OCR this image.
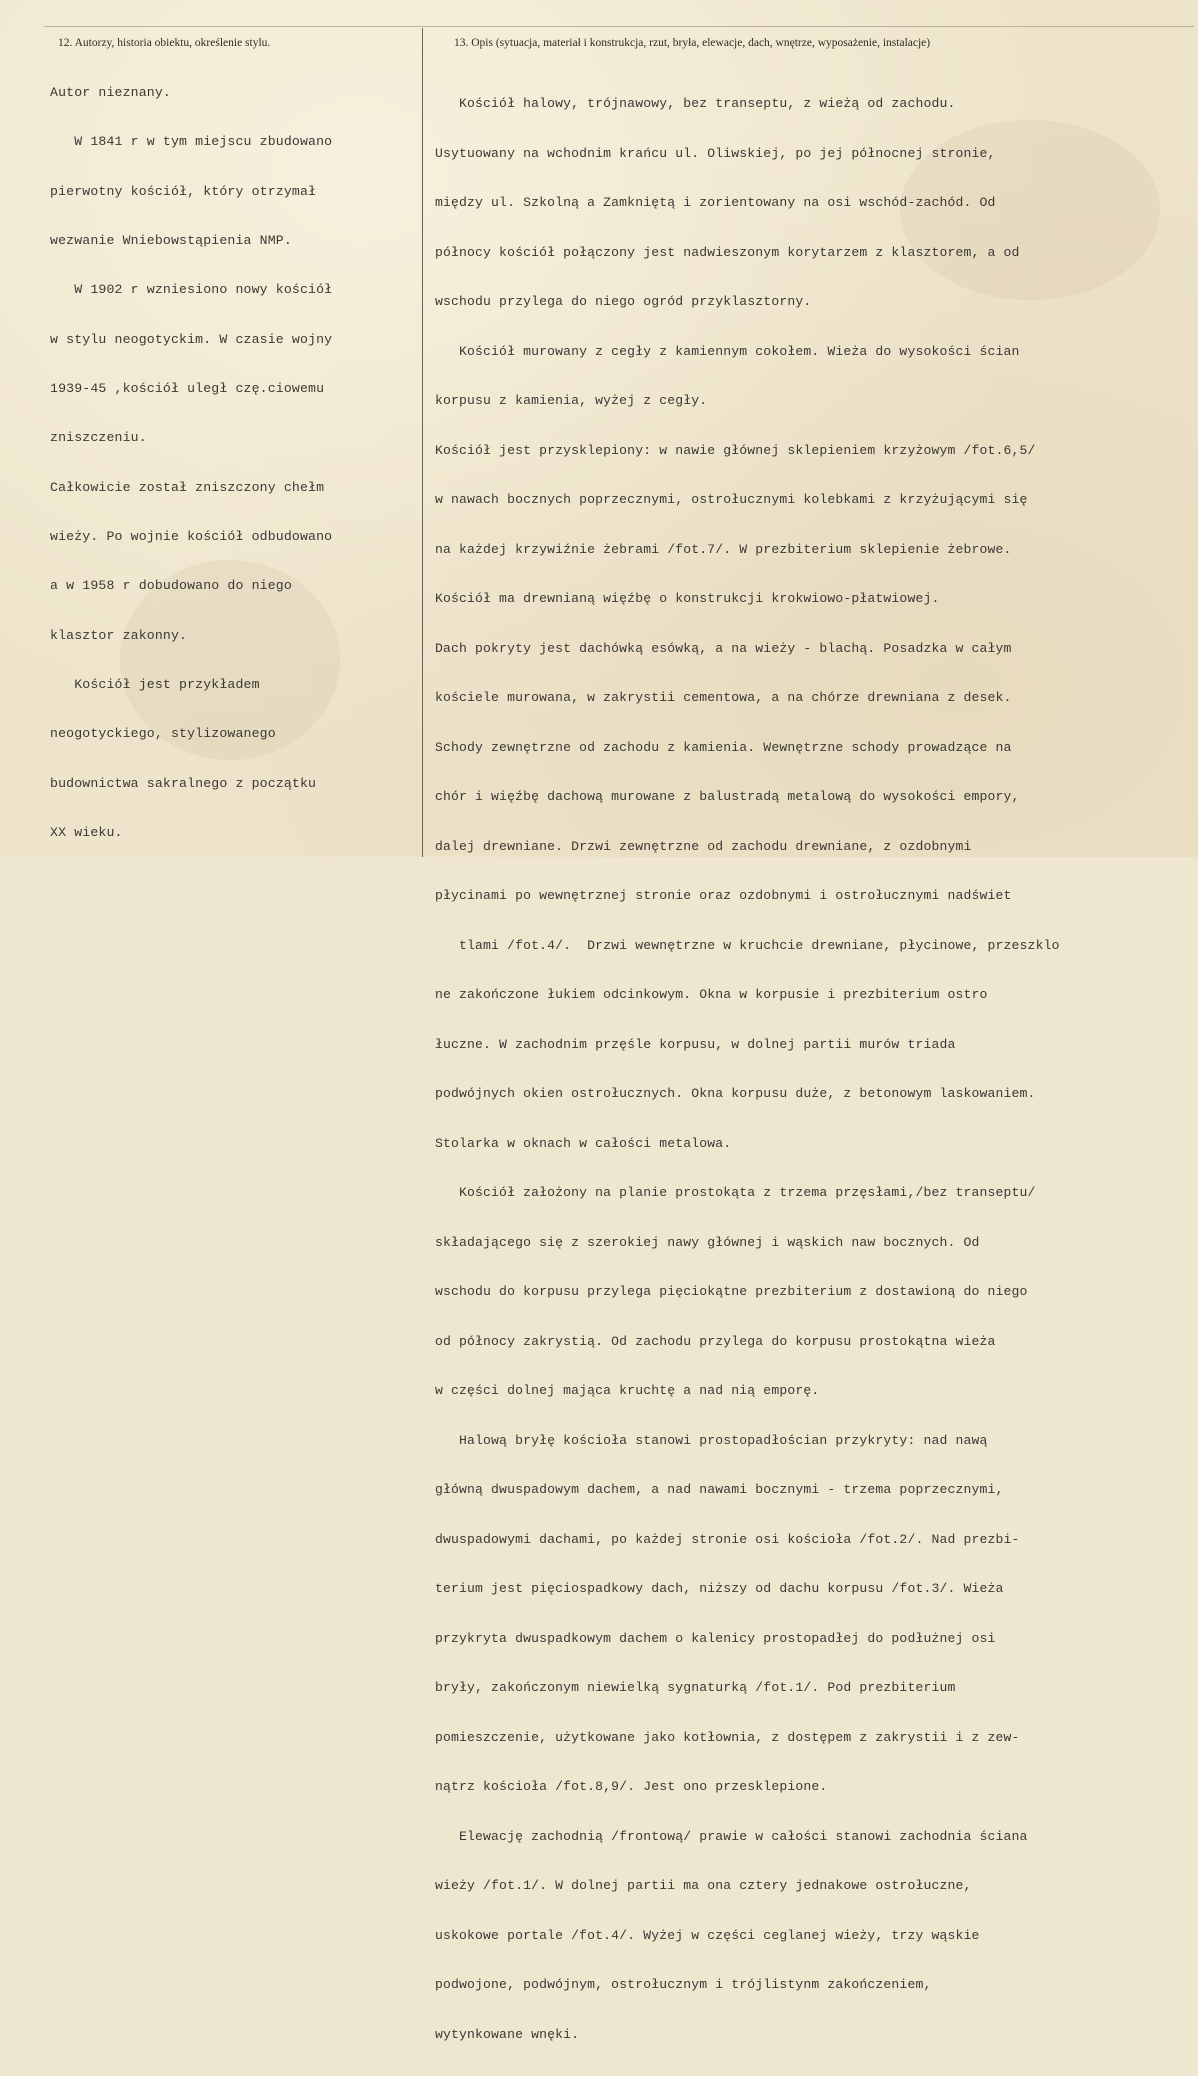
12. Autorzy, historia obiektu, określenie stylu.	13. Opis (sytuacja, materiał i konstrukcja, rzut, bryła, elewacje, dach, wnętrze, wyposażenie, instalacje)

Autor nieznany.

W 1841 r w tym miejscu zbudowano

pierwotny kościół, który otrzymał

wezwanie Wniebowstąpienia NMP.

W 1902 r wzniesiono nowy kościół

w stylu neogotyckim. W czasie wojny

1939-45 ,kościół uległ czę.ciowemu

zniszczeniu.

Całkowicie został zniszczony chełm

wieży. Po wojnie kościół odbudowano

a w 1958 r dobudowano do niego

klasztor zakonny.

Kościół jest przykładem

neogotyckiego, stylizowanego

budownictwa sakralnego z początku

XX wieku.

Kościół halowy, trójnawowy, bez transeptu, z wieżą od zachodu.

Usytuowany na wchodnim krańcu ul. Oliwskiej, po jej północnej stronie,

między ul. Szkolną a Zamkniętą i zorientowany na osi wschód-zachód. Od

północy kościół połączony jest nadwieszonym korytarzem z klasztorem, a od

wschodu przylega do niego ogród przyklasztorny.

Kościół murowany z cegły z kamiennym cokołem. Wieża do wysokości ścian

korpusu z kamienia, wyżej z cegły.

Kościół jest przysklepiony: w nawie głównej sklepieniem krzyżowym /fot.6,5/

w nawach bocznych poprzecznymi, ostrołucznymi kolebkami z krzyżującymi się

na każdej krzywiźnie żebrami /fot.7/. W prezbiterium sklepienie żebrowe.

Kościół ma drewnianą więźbę o konstrukcji krokwiowo-płatwiowej.

Dach pokryty jest dachówką esówką, a na wieży - blachą. Posadzka w całym

kościele murowana, w zakrystii cementowa, a na chórze drewniana z desek.

Schody zewnętrzne od zachodu z kamienia. Wewnętrzne schody prowadzące na

chór i więźbę dachową murowane z balustradą metalową do wysokości empory,

dalej drewniane. Drzwi zewnętrzne od zachodu drewniane, z ozdobnymi

płycinami po wewnętrznej stronie oraz ozdobnymi i ostrołucznymi nadświet

tlami /fot.4/.  Drzwi wewnętrzne w kruchcie drewniane, płycinowe, przeszklo

ne zakończone łukiem odcinkowym. Okna w korpusie i prezbiterium ostro

łuczne. W zachodnim przęśle korpusu, w dolnej partii murów triada

podwójnych okien ostrołucznych. Okna korpusu duże, z betonowym laskowaniem.

Stolarka w oknach w całości metalowa.

Kościół założony na planie prostokąta z trzema przęsłami,/bez transeptu/

składającego się z szerokiej nawy głównej i wąskich naw bocznych. Od

wschodu do korpusu przylega pięciokątne prezbiterium z dostawioną do niego

od północy zakrystią. Od zachodu przylega do korpusu prostokątna wieża

w części dolnej mająca kruchtę a nad nią emporę.

Halową bryłę kościoła stanowi prostopadłościan przykryty: nad nawą

główną dwuspadowym dachem, a nad nawami bocznymi - trzema poprzecznymi,

dwuspadowymi dachami, po każdej stronie osi kościoła /fot.2/. Nad prezbi-

terium jest pięciospadkowy dach, niższy od dachu korpusu /fot.3/. Wieża

przykryta dwuspadkowym dachem o kalenicy prostopadłej do podłużnej osi

bryły, zakończonym niewielką sygnaturką /fot.1/. Pod prezbiterium

pomieszczenie, użytkowane jako kotłownia, z dostępem z zakrystii i z zew-

nątrz kościoła /fot.8,9/. Jest ono przesklepione.

Elewację zachodnią /frontową/ prawie w całości stanowi zachodnia ściana

wieży /fot.1/. W dolnej partii ma ona cztery jednakowe ostrołuczne,

uskokowe portale /fot.4/. Wyżej w części ceglanej wieży, trzy wąskie

podwojone, podwójnym, ostrołucznym i trójlistynm zakończeniem,

wytynkowane wnęki.
